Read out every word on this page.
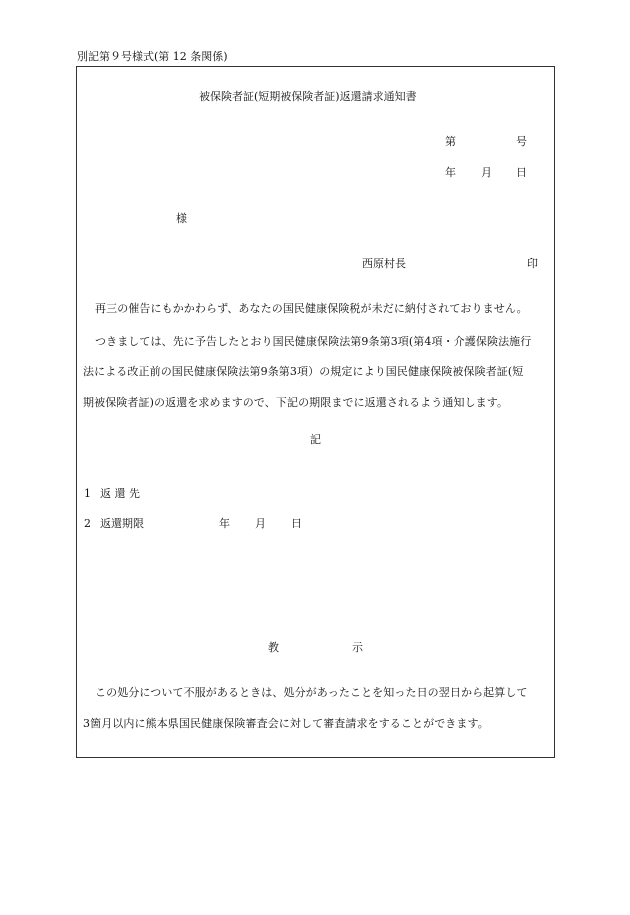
別記第９号様式(第 12 条関係)
被保険者証(短期被保険者証)返還請求通知書
第	号
年 月 日
様
西原村長	印
再三の催告にもかかわらず、あなたの国民健康保険税が未だに納付されておりません。
つきましては、先に予告したとおり国民健康保険法第9条第3項(第4項・介護保険法施行
法による改正前の国民健康保険法第9条第3項）の規定により国民健康保険被保険者証(短
期被保険者証)の返還を求めますので、下記の期限までに返還されるよう通知します。
記
1 返 還 先
2 返還期限	年 月 日
教	示
この処分について不服があるときは、処分があったことを知った日の翌日から起算して
3箇月以内に熊本県国民健康保険審査会に対して審査請求をすることができます。
